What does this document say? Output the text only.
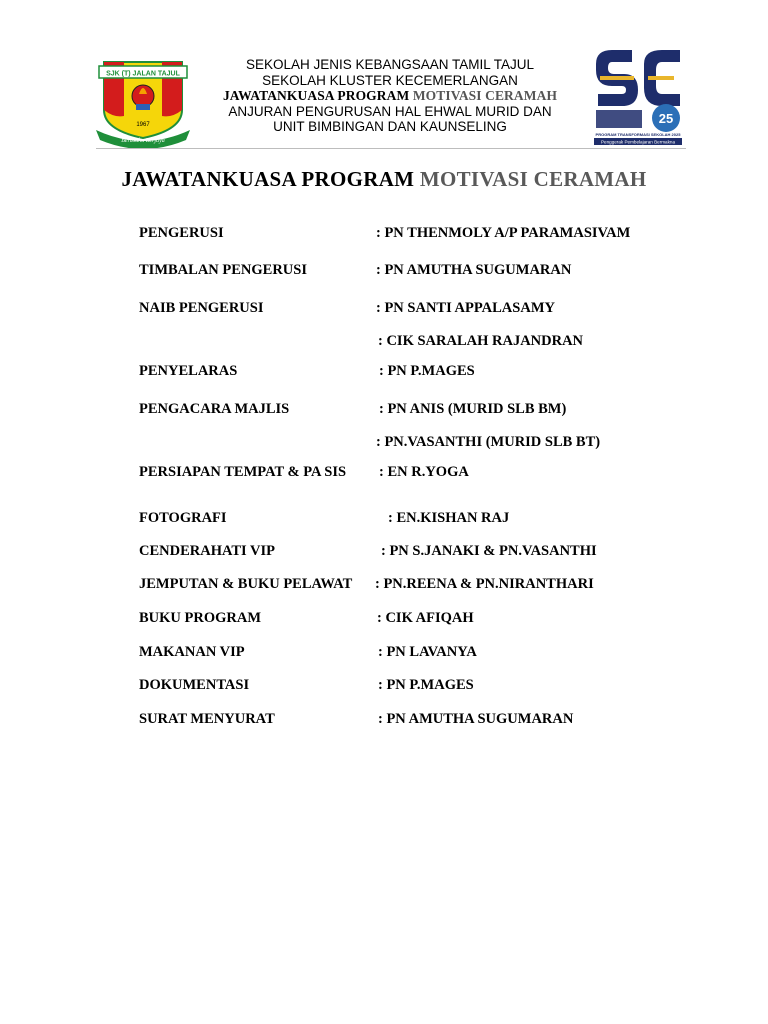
SJK (T) JALAN TAJUL
1967
Berusaha Berjaya
SEKOLAH JENIS KEBANGSAAN TAMIL TAJUL
SEKOLAH KLUSTER KECEMERLANGAN
JAWATANKUASA PROGRAM MOTIVASI CERAMAH
ANJURAN PENGURUSAN HAL EHWAL MURID DAN
UNIT BIMBINGAN DAN KAUNSELING
25
PROGRAM TRANSFORMASI SEKOLAH 2025
Penggerak Pembelajaran Bermakna
JAWATANKUASA PROGRAM MOTIVASI CERAMAH
PENGERUSI	: PN THENMOLY A/P PARAMASIVAM
TIMBALAN PENGERUSI	: PN AMUTHA SUGUMARAN
NAIB PENGERUSI	: PN SANTI APPALASAMY
: CIK SARALAH RAJANDRAN
PENYELARAS	: PN P.MAGES
PENGACARA MAJLIS	: PN ANIS (MURID SLB BM)
: PN.VASANTHI (MURID SLB BT)
PERSIAPAN TEMPAT & PA SIS : EN R.YOGA
FOTOGRAFI	: EN.KISHAN RAJ
CENDERAHATI VIP	: PN S.JANAKI & PN.VASANTHI
JEMPUTAN & BUKU PELAWAT : PN.REENA & PN.NIRANTHARI
BUKU PROGRAM	: CIK AFIQAH
MAKANAN VIP	: PN LAVANYA
DOKUMENTASI	: PN P.MAGES
SURAT MENYURAT	: PN AMUTHA SUGUMARAN
